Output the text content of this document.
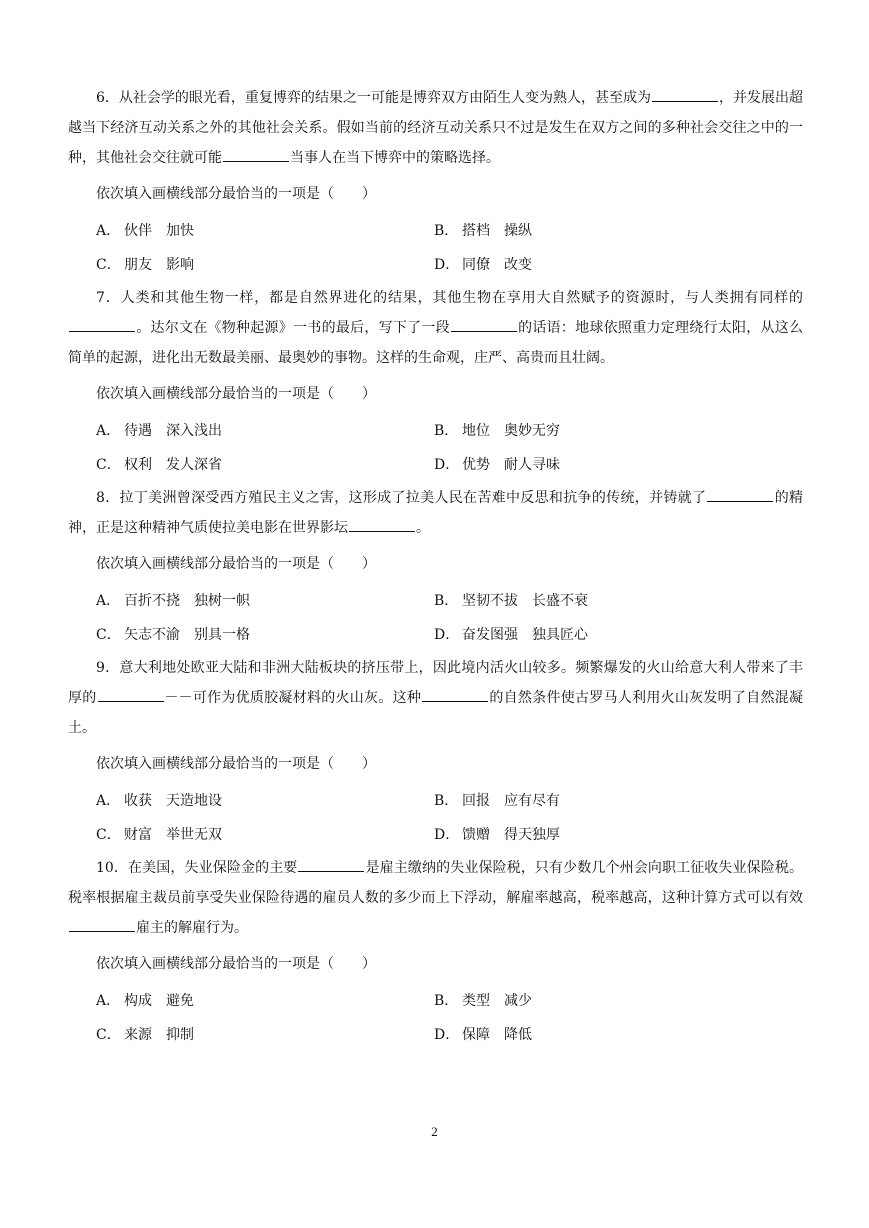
6．从社会学的眼光看，重复博弈的结果之一可能是博弈双方由陌生人变为熟人，甚至成为	，并发展出超越当下经济互动关系之外的其他社会关系。假如当前的经济互动关系只不过是发生在双方之间的多种社会交往之中的一种，其他社会交往就可能	当事人在当下博弈中的策略选择。

依次填入画横线部分最恰当的一项是（　　）

A． 伙伴 加快	B． 搭档 操纵
C． 朋友 影响	D． 同僚 改变

7．人类和其他生物一样，都是自然界进化的结果，其他生物在享用大自然赋予的资源时，与人类拥有同样的。达尔文在《物种起源》一书的最后，写下了一段	的话语：地球依照重力定理绕行太阳，从这么简单的起源，进化出无数最美丽、最奥妙的事物。这样的生命观，庄严、高贵而且壮阔。

依次填入画横线部分最恰当的一项是（　　）

A． 待遇 深入浅出	B． 地位 奥妙无穷
C． 权利 发人深省	D． 优势 耐人寻味

8．拉丁美洲曾深受西方殖民主义之害，这形成了拉美人民在苦难中反思和抗争的传统，并铸就了	的精神，正是这种精神气质使拉美电影在世界影坛	。

依次填入画横线部分最恰当的一项是（　　）

A． 百折不挠 独树一帜	B． 坚韧不拔 长盛不衰
C． 矢志不渝 别具一格	D． 奋发图强 独具匠心

9．意大利地处欧亚大陆和非洲大陆板块的挤压带上，因此境内活火山较多。频繁爆发的火山给意大利人带来了丰厚的	－－可作为优质胶凝材料的火山灰。这种	的自然条件使古罗马人利用火山灰发明了自然混凝土。

依次填入画横线部分最恰当的一项是（　　）

A． 收获 天造地设	B． 回报 应有尽有
C． 财富 举世无双	D． 馈赠 得天独厚

10．在美国，失业保险金的主要	是雇主缴纳的失业保险税，只有少数几个州会向职工征收失业保险税。税率根据雇主裁员前享受失业保险待遇的雇员人数的多少而上下浮动，解雇率越高，税率越高，这种计算方式可以有效雇主的解雇行为。

依次填入画横线部分最恰当的一项是（　　）

A． 构成 避免	B． 类型 减少
C． 来源 抑制	D． 保障 降低
2
